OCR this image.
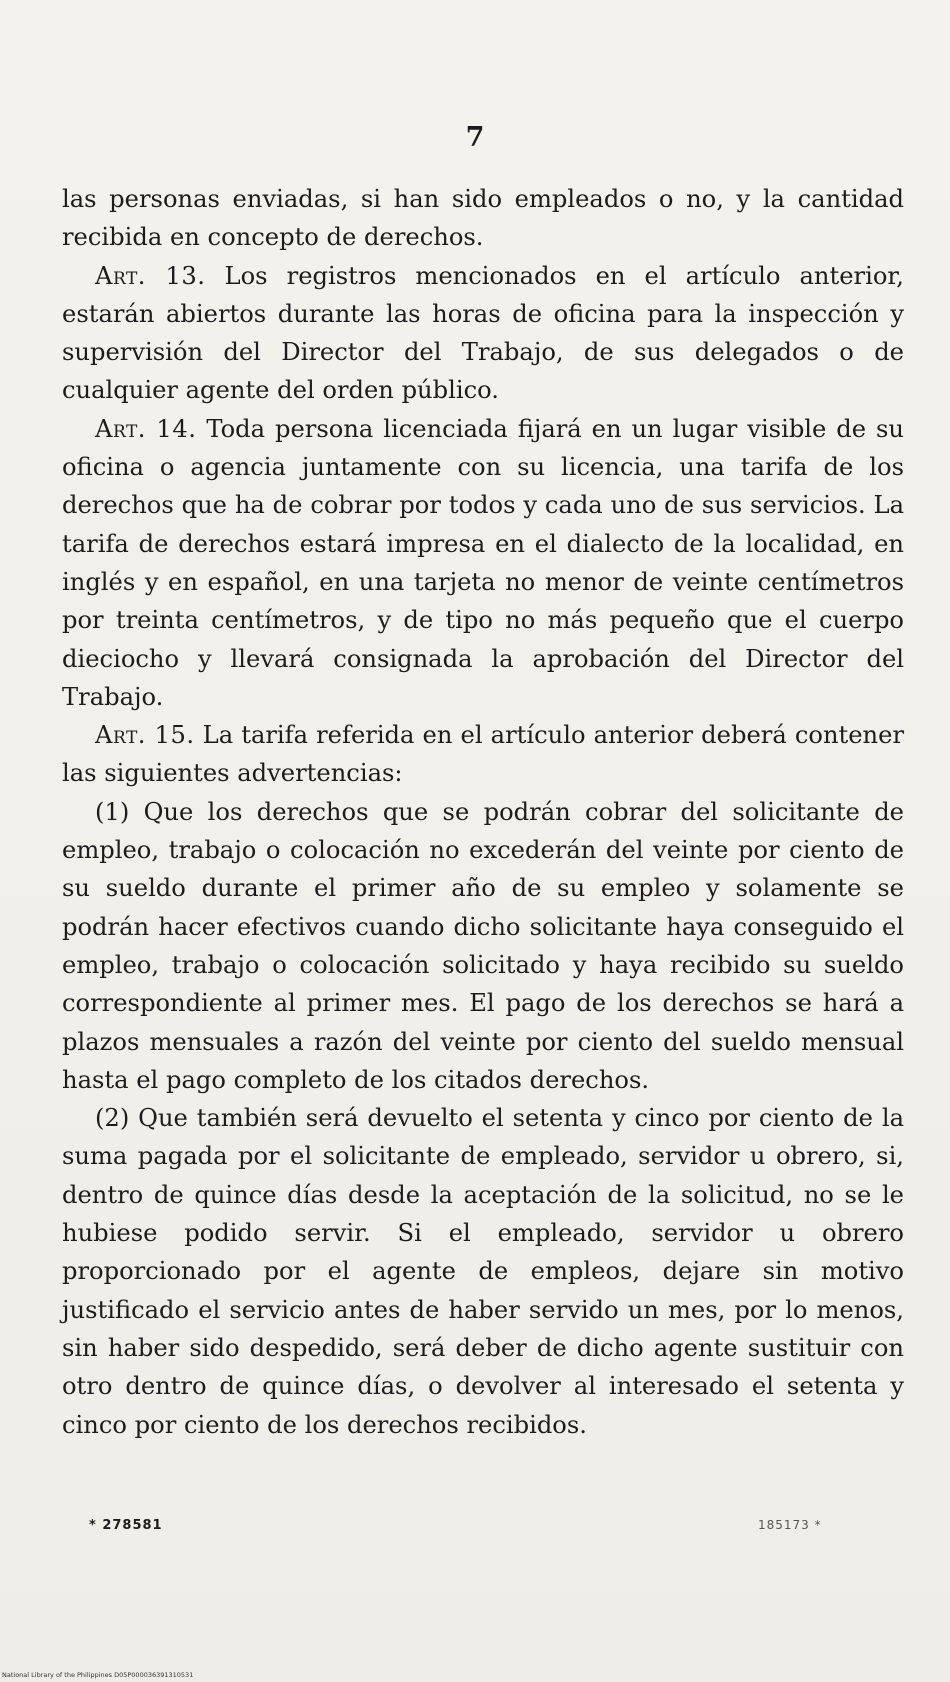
7

las personas enviadas, si han sido empleados o no, y la cantidad recibida en concepto de derechos.

Art. 13. Los registros mencionados en el artículo anterior, estarán abiertos durante las horas de oficina para la inspección y supervisión del Director del Trabajo, de sus delegados o de cualquier agente del orden público.

Art. 14. Toda persona licenciada fijará en un lugar visible de su oficina o agencia juntamente con su licencia, una tarifa de los derechos que ha de cobrar por todos y cada uno de sus servicios. La tarifa de derechos estará impresa en el dialecto de la localidad, en inglés y en español, en una tarjeta no menor de veinte centímetros por treinta centímetros, y de tipo no más pequeño que el cuerpo dieciocho y llevará consignada la aprobación del Director del Trabajo.

Art. 15. La tarifa referida en el artículo anterior deberá contener las siguientes advertencias:

(1) Que los derechos que se podrán cobrar del solicitante de empleo, trabajo o colocación no excederán del veinte por ciento de su sueldo durante el primer año de su empleo y solamente se podrán hacer efectivos cuando dicho solicitante haya conseguido el empleo, trabajo o colocación solicitado y haya recibido su sueldo correspondiente al primer mes. El pago de los derechos se hará a plazos mensuales a razón del veinte por ciento del sueldo mensual hasta el pago completo de los citados derechos.

(2) Que también será devuelto el setenta y cinco por ciento de la suma pagada por el solicitante de empleado, servidor u obrero, si, dentro de quince días desde la aceptación de la solicitud, no se le hubiese podido servir. Si el empleado, servidor u obrero proporcionado por el agente de empleos, dejare sin motivo justificado el servicio antes de haber servido un mes, por lo menos, sin haber sido despedido, será deber de dicho agente sustituir con otro dentro de quince días, o devolver al interesado el setenta y cinco por ciento de los derechos recibidos.

* 278581	185173 *
National Library of the Philippines D05P000036391310531
